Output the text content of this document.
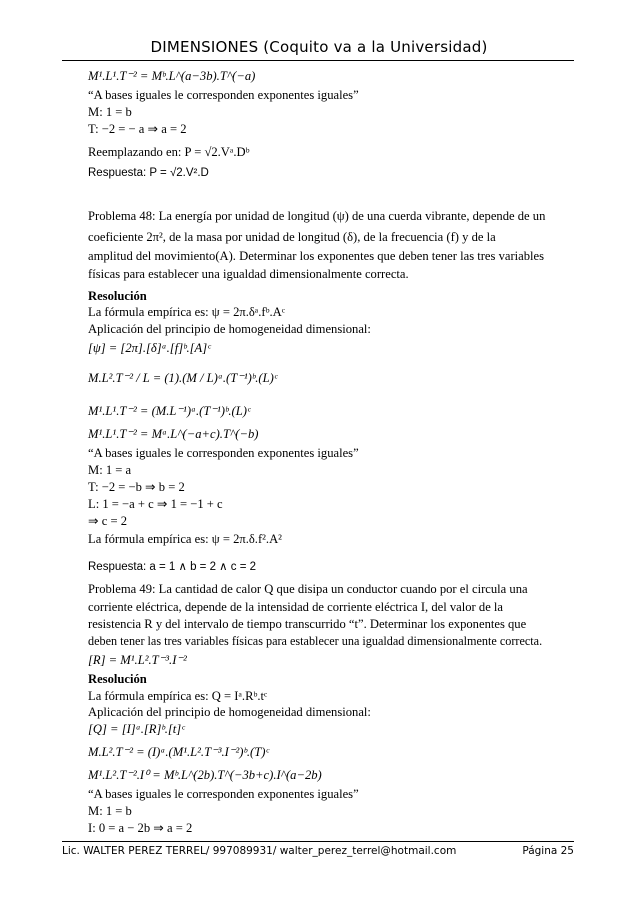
DIMENSIONES (Coquito va a la Universidad)
M¹.L¹.T⁻² = Mᵇ.L^(a−3b).T^(−a)
“A bases iguales le corresponden exponentes iguales”
M: 1 = b
T: −2 = − a ⇒ a = 2
Reemplazando en: P = √2.Vᵃ.Dᵇ
Respuesta: P = √2.V².D
Problema 48: La energía por unidad de longitud (ψ) de una cuerda vibrante, depende de un
coeficiente 2π², de la masa por unidad de longitud (δ), de la frecuencia (f) y de la
amplitud del movimiento(A). Determinar los exponentes que deben tener las tres variables
físicas para establecer una igualdad dimensionalmente correcta.
Resolución
La fórmula empírica es: ψ = 2π.δᵃ.fᵇ.Aᶜ
Aplicación del principio de homogeneidad dimensional:
[ψ] = [2π].[δ]ᵃ.[f]ᵇ.[A]ᶜ
M.L².T⁻² / L = (1).(M / L)ᵃ.(T⁻¹)ᵇ.(L)ᶜ
M¹.L¹.T⁻² = (M.L⁻¹)ᵃ.(T⁻¹)ᵇ.(L)ᶜ
M¹.L¹.T⁻² = Mᵃ.L^(−a+c).T^(−b)
“A bases iguales le corresponden exponentes iguales”
M: 1 = a
T: −2 = −b ⇒ b = 2
L: 1 = −a + c ⇒ 1 = −1 + c
⇒ c = 2
La fórmula empírica es: ψ = 2π.δ.f².A²
Respuesta: a = 1 ∧ b = 2 ∧ c = 2
Problema 49: La cantidad de calor Q que disipa un conductor cuando por el circula una
corriente eléctrica, depende de la intensidad de corriente eléctrica I, del valor de la
resistencia R y del intervalo de tiempo transcurrido “t”. Determinar los exponentes que
deben tener las tres variables físicas para establecer una igualdad dimensionalmente correcta.
[R] = M¹.L².T⁻³.I⁻²
Resolución
La fórmula empírica es: Q = Iᵃ.Rᵇ.tᶜ
Aplicación del principio de homogeneidad dimensional:
[Q] = [I]ᵃ.[R]ᵇ.[t]ᶜ
M.L².T⁻² = (I)ᵃ.(M¹.L².T⁻³.I⁻²)ᵇ.(T)ᶜ
M¹.L².T⁻².I⁰ = Mᵇ.L^(2b).T^(−3b+c).I^(a−2b)
“A bases iguales le corresponden exponentes iguales”
M: 1 = b
I: 0 = a − 2b ⇒ a = 2
Lic. WALTER PEREZ TERREL/ 997089931/ walter_perez_terrel@hotmail.com	Página 25
